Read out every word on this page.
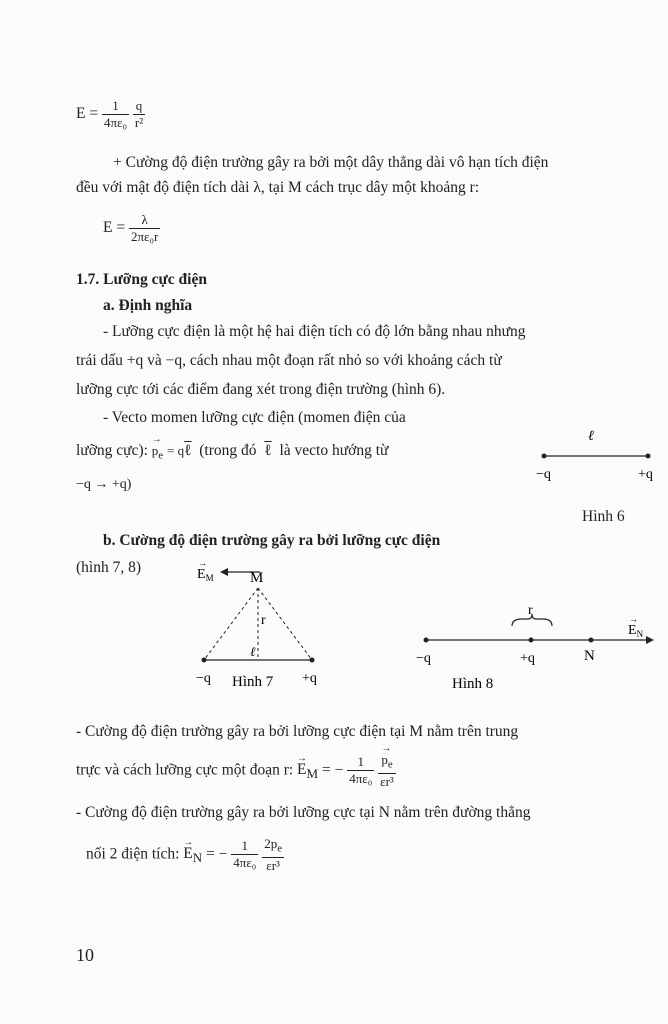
$E = \frac{1}{\text{4πε₀}}$
$\frac{q}{\text{r²}}$
+ Cường độ điện trường gây ra bởi một dây thẳng dài vô hạn tích điện
đều với mật độ điện tích dài λ, tại M cách trục dây một khoảng r:
$E = \frac{\lambda}{\text{2πε₀r}}$
1.7. Lưỡng cực điện
a. Định nghĩa
- Lưỡng cực điện là một hệ hai điện tích có độ lớn bằng nhau nhưng
trái dấu +q và −q, cách nhau một đoạn rất nhỏ so với khoảng cách từ
lưỡng cực tới các điểm đang xét trong điện trường (hình 6).
- Vecto momen lưỡng cực điện (momen điện của
lưỡng cực): → $p_e$ = qℓ (trong đó ℓ là vecto hướng từ
−q → +q)
ℓ
−q	+q
Hình 6
b. Cường độ điện trường gây ra bởi lưỡng cực điện
(hình 7, 8)	$E_M$
→
M
r
ℓ
−q	+q
Hình 7
r
$E_N$
→
−q	+q	N
Hình 8
- Cường độ điện trường gây ra bởi lưỡng cực điện tại M nằm trên trung
trực và cách lưỡng cực một đoạn r: → $E_M$ = − $\frac{1}{\text{4πε₀}}$
→ $\frac{p_e}{\text{εr³}}$
- Cường độ điện trường gây ra bởi lưỡng cực tại N nằm trên đường thẳng
nối 2 điện tích: → $E_N$ = − $\frac{1}{\text{4πε₀}}$
$\frac{2p_e}{\text{εr³}}$
10
